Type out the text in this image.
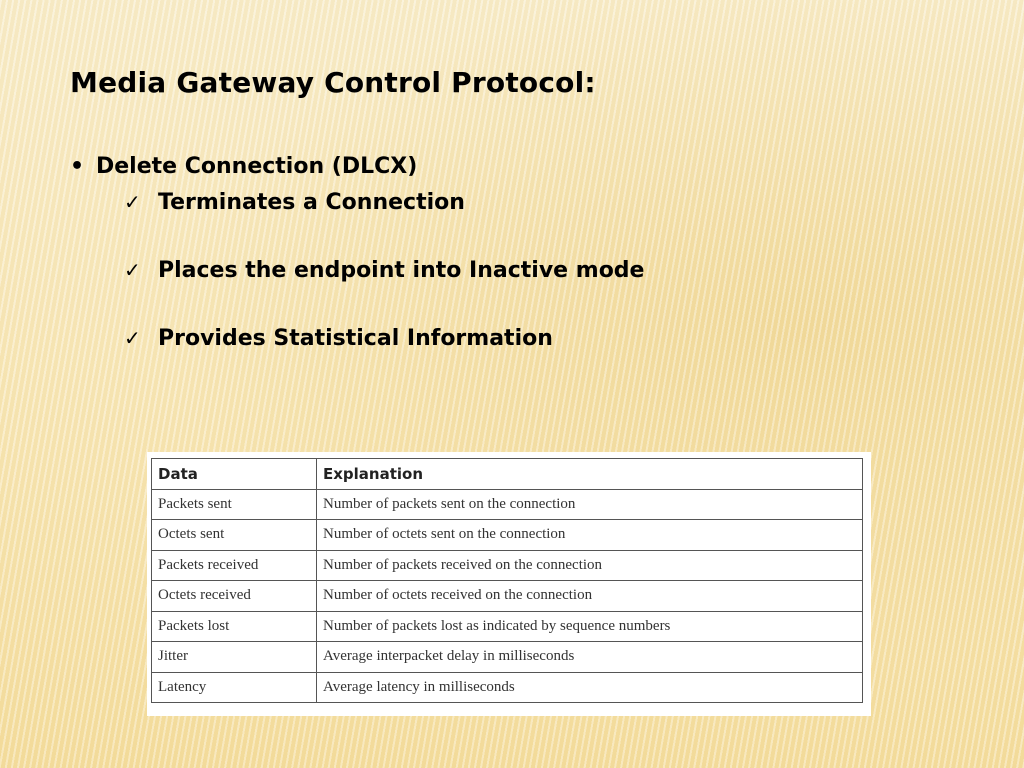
Media Gateway Control Protocol:
• Delete Connection (DLCX)
✓ Terminates a Connection
✓ Places the endpoint into Inactive mode
✓ Provides Statistical Information
Data	Explanation
Packets sent	Number of packets sent on the connection
Octets sent	Number of octets sent on the connection
Packets received	Number of packets received on the connection
Octets received	Number of octets received on the connection
Packets lost	Number of packets lost as indicated by sequence numbers
Jitter	Average interpacket delay in milliseconds
Latency	Average latency in milliseconds
